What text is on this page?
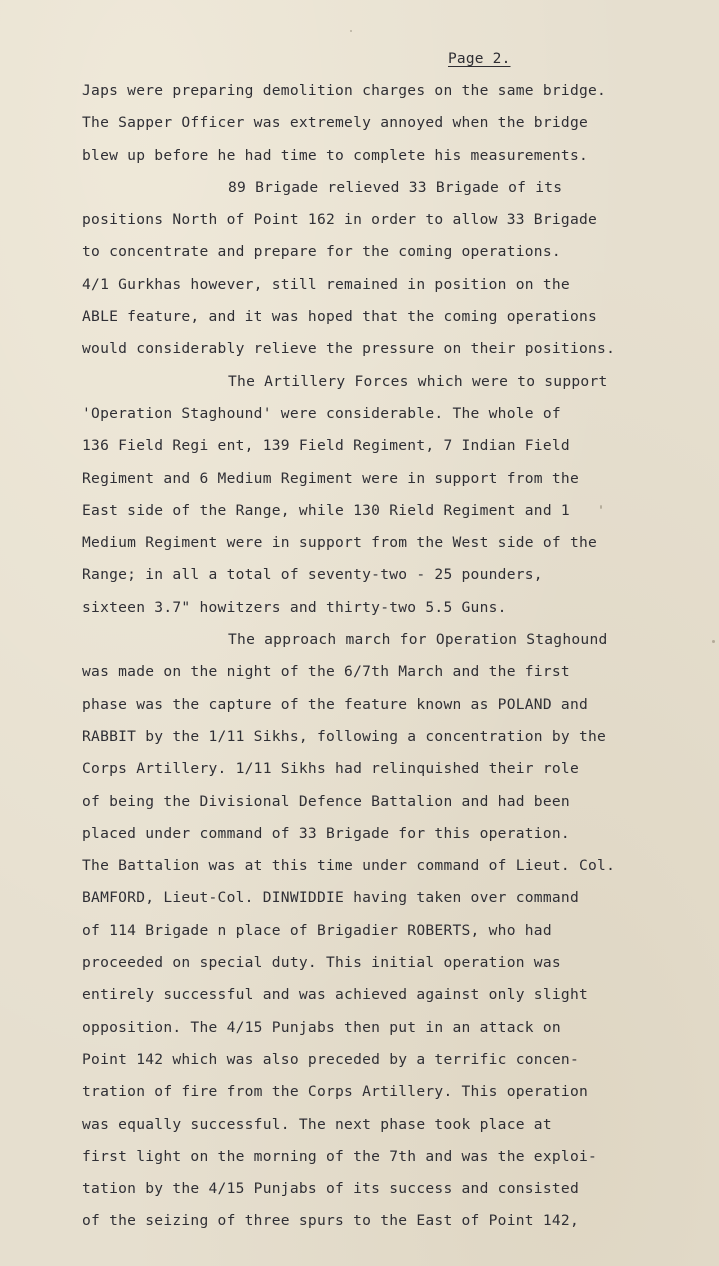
Page 2.
Japs were preparing demolition charges on the same bridge.
The Sapper Officer was extremely annoyed when the bridge
blew up before he had time to complete his measurements.
89 Brigade relieved 33 Brigade of its
positions North of Point 162 in order to allow 33 Brigade
to concentrate and prepare for the coming operations.
4/1 Gurkhas however, still remained in position on the
ABLE feature, and it was hoped that the coming operations
would considerably relieve the pressure on their positions.
The Artillery Forces which were to support
'Operation Staghound' were considerable. The whole of
136 Field Regi ent, 139 Field Regiment, 7 Indian Field
Regiment and 6 Medium Regiment were in support from the
East side of the Range, while 130 Rield Regiment and 1
Medium Regiment were in support from the West side of the
Range; in all a total of seventy-two - 25 pounders,
sixteen 3.7" howitzers and thirty-two 5.5 Guns.
The approach march for Operation Staghound
was made on the night of the 6/7th March and the first
phase was the capture of the feature known as POLAND and
RABBIT by the 1/11 Sikhs, following a concentration by the
Corps Artillery. 1/11 Sikhs had relinquished their role
of being the Divisional Defence Battalion and had been
placed under command of 33 Brigade for this operation.
The Battalion was at this time under command of Lieut. Col.
BAMFORD, Lieut-Col. DINWIDDIE having taken over command
of 114 Brigade n place of Brigadier ROBERTS, who had
proceeded on special duty. This initial operation was
entirely successful and was achieved against only slight
opposition. The 4/15 Punjabs then put in an attack on
Point 142 which was also preceded by a terrific concen-
tration of fire from the Corps Artillery. This operation
was equally successful. The next phase took place at
first light on the morning of the 7th and was the exploi-
tation by the 4/15 Punjabs of its success and consisted
of the seizing of three spurs to the East of Point 142,
